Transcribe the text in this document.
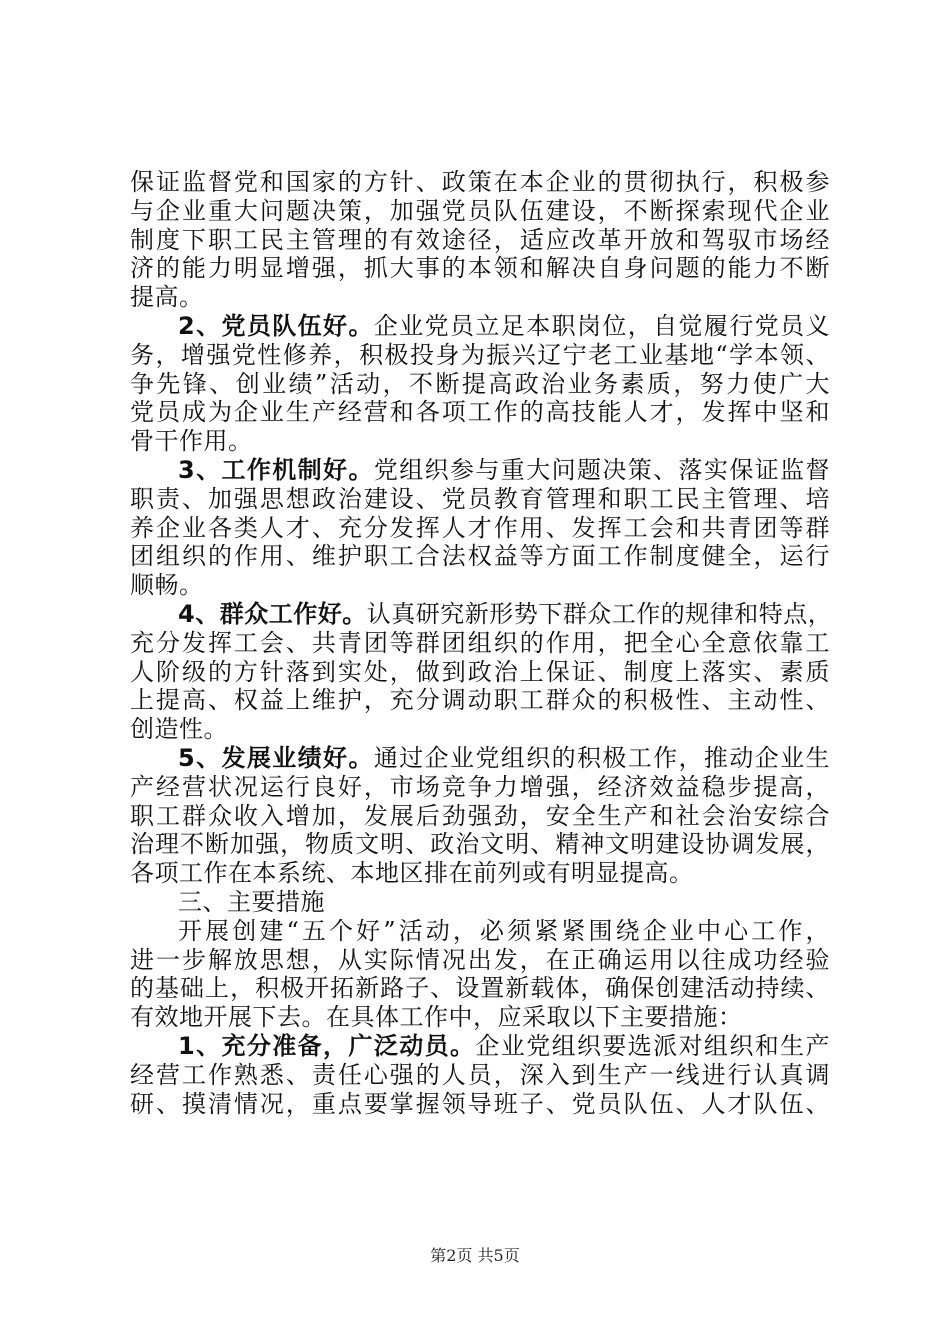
保证监督党和国家的方针、政策在本企业的贯彻执行，积极参
与企业重大问题决策，加强党员队伍建设，不断探索现代企业
制度下职工民主管理的有效途径，适应改革开放和驾驭市场经
济的能力明显增强，抓大事的本领和解决自身问题的能力不断
提高。
2、党员队伍好。企业党员立足本职岗位，自觉履行党员义
务，增强党性修养，积极投身为振兴辽宁老工业基地“学本领、
争先锋、创业绩”活动，不断提高政治业务素质，努力使广大
党员成为企业生产经营和各项工作的高技能人才，发挥中坚和
骨干作用。
3、工作机制好。党组织参与重大问题决策、落实保证监督
职责、加强思想政治建设、党员教育管理和职工民主管理、培
养企业各类人才、充分发挥人才作用、发挥工会和共青团等群
团组织的作用、维护职工合法权益等方面工作制度健全，运行
顺畅。
4、群众工作好。认真研究新形势下群众工作的规律和特点，
充分发挥工会、共青团等群团组织的作用，把全心全意依靠工
人阶级的方针落到实处，做到政治上保证、制度上落实、素质
上提高、权益上维护，充分调动职工群众的积极性、主动性、
创造性。
5、发展业绩好。通过企业党组织的积极工作，推动企业生
产经营状况运行良好，市场竞争力增强，经济效益稳步提高，
职工群众收入增加，发展后劲强劲，安全生产和社会治安综合
治理不断加强，物质文明、政治文明、精神文明建设协调发展，
各项工作在本系统、本地区排在前列或有明显提高。
三、主要措施
开展创建“五个好”活动，必须紧紧围绕企业中心工作，
进一步解放思想，从实际情况出发，在正确运用以往成功经验
的基础上，积极开拓新路子、设置新载体，确保创建活动持续、
有效地开展下去。在具体工作中，应采取以下主要措施：
1、充分准备，广泛动员。企业党组织要选派对组织和生产
经营工作熟悉、责任心强的人员，深入到生产一线进行认真调
研、摸清情况，重点要掌握领导班子、党员队伍、人才队伍、
第2页 共5页
